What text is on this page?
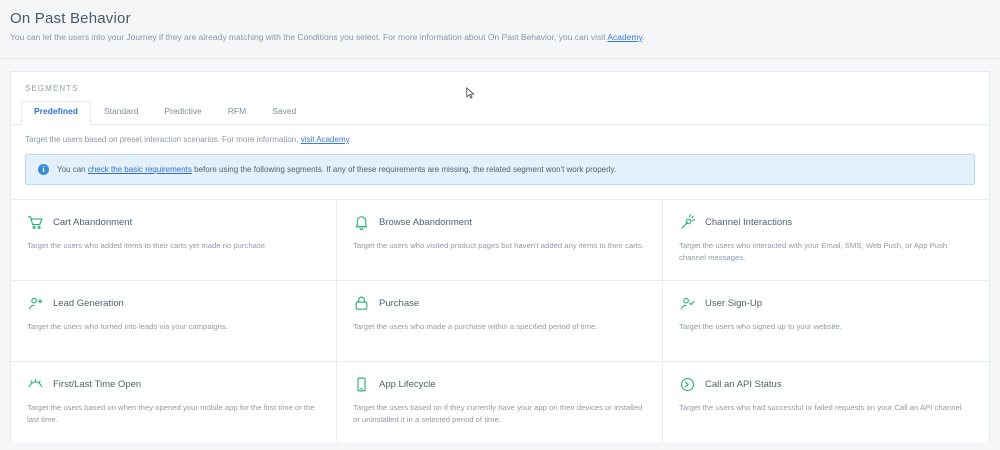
On Past Behavior

You can let the users into your Journey if they are already matching with the Conditions you select. For more information about On Past Behavior, you can visit Academy.

SEGMENTS
Predefined	Standard	Predictive	RFM	Saved
Target the users based on preset interaction scenarios. For more information, visit Academy.
i	You can check the basic requirements before using the following segments. If any of these requirements are missing, the related segment won't work properly.
Cart Abandonment
Target the users who added items to their carts yet made no purchase.
Browse Abandonment
Target the users who visited product pages but haven't added any items to their carts.
Channel Interactions
Target the users who interacted with your Email, SMS, Web Push, or App Push channel messages.
Lead Generation
Target the users who turned into leads via your campaigns.
Purchase
Target the users who made a purchase within a specified period of time.
User Sign-Up
Target the users who signed up to your website.
First/Last Time Open
Target the users based on when they opened your mobile app for the first time or the last time.
App Lifecycle
Target the users based on if they currently have your app on their devices or installed or uninstalled it in a selected period of time.
Call an API Status
Target the users who had successful or failed requests on your Call an API channel.
